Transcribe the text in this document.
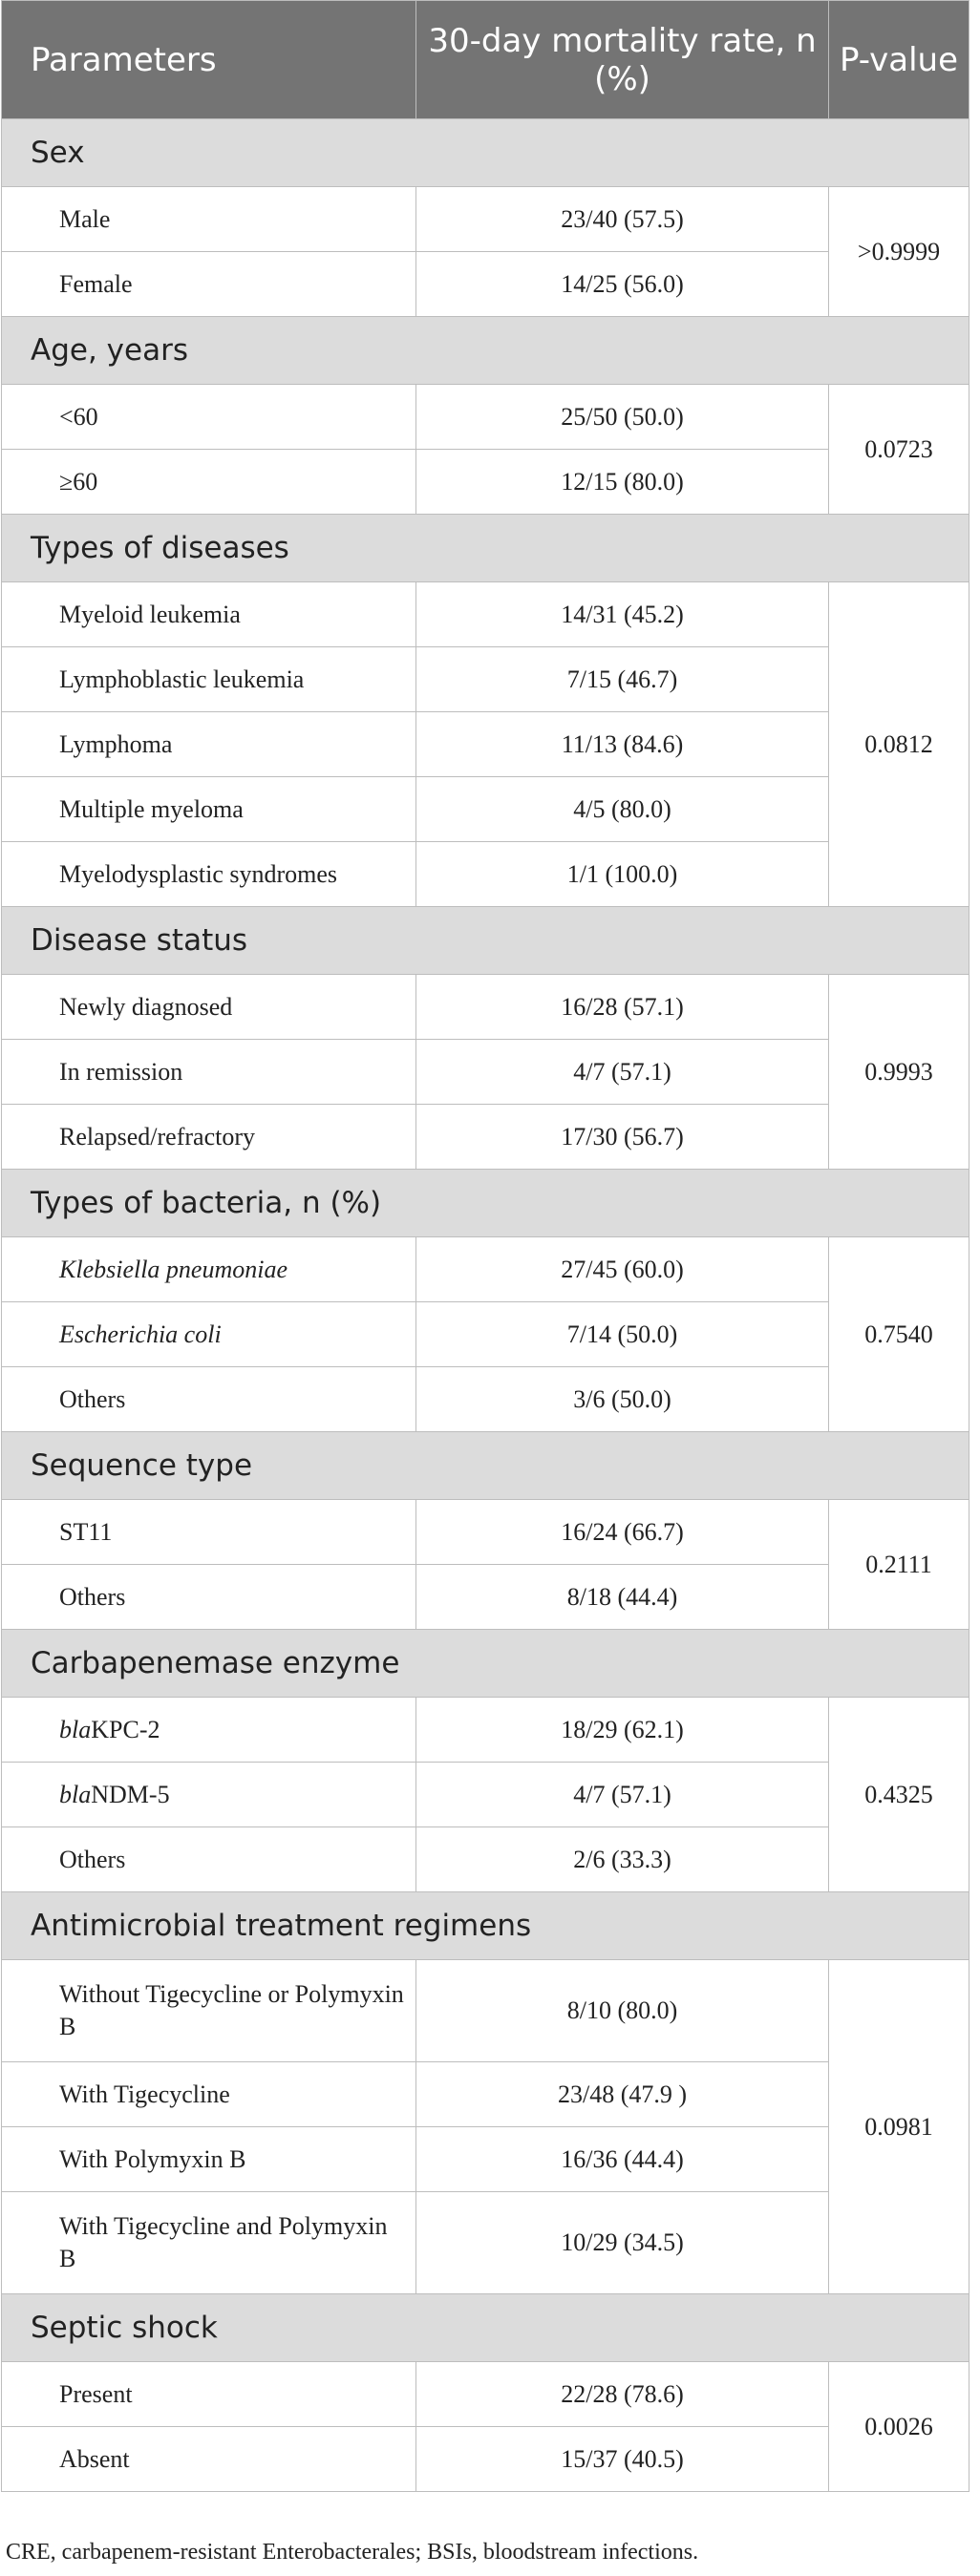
Parameters	30-day mortality rate, n (%)	P-value
Sex		
Male	23/40 (57.5)	>0.9999
Female	14/25 (56.0)	
Age, years		
<60	25/50 (50.0)	0.0723
≥60	12/15 (80.0)	
Types of diseases		
Myeloid leukemia	14/31 (45.2)	0.0812
Lymphoblastic leukemia	7/15 (46.7)	
Lymphoma	11/13 (84.6)	
Multiple myeloma	4/5 (80.0)	
Myelodysplastic syndromes	1/1 (100.0)	
Disease status		
Newly diagnosed	16/28 (57.1)	0.9993
In remission	4/7 (57.1)	
Relapsed/refractory	17/30 (56.7)	
Types of bacteria, n (%)		
Klebsiella pneumoniae	27/45 (60.0)	0.7540
Escherichia coli	7/14 (50.0)	
Others	3/6 (50.0)	
Sequence type		
ST11	16/24 (66.7)	0.2111
Others	8/18 (44.4)	
Carbapenemase enzyme		
blaKPC-2	18/29 (62.1)	0.4325
blaNDM-5	4/7 (57.1)	
Others	2/6 (33.3)	
Antimicrobial treatment regimens		
Without Tigecycline or Polymyxin B	8/10 (80.0)	0.0981
With Tigecycline	23/48 (47.9 )	
With Polymyxin B	16/36 (44.4)	
With Tigecycline and Polymyxin B	10/29 (34.5)	
Septic shock		
Present	22/28 (78.6)	0.0026
Absent	15/37 (40.5)	
CRE, carbapenem-resistant Enterobacterales; BSIs, bloodstream infections.
